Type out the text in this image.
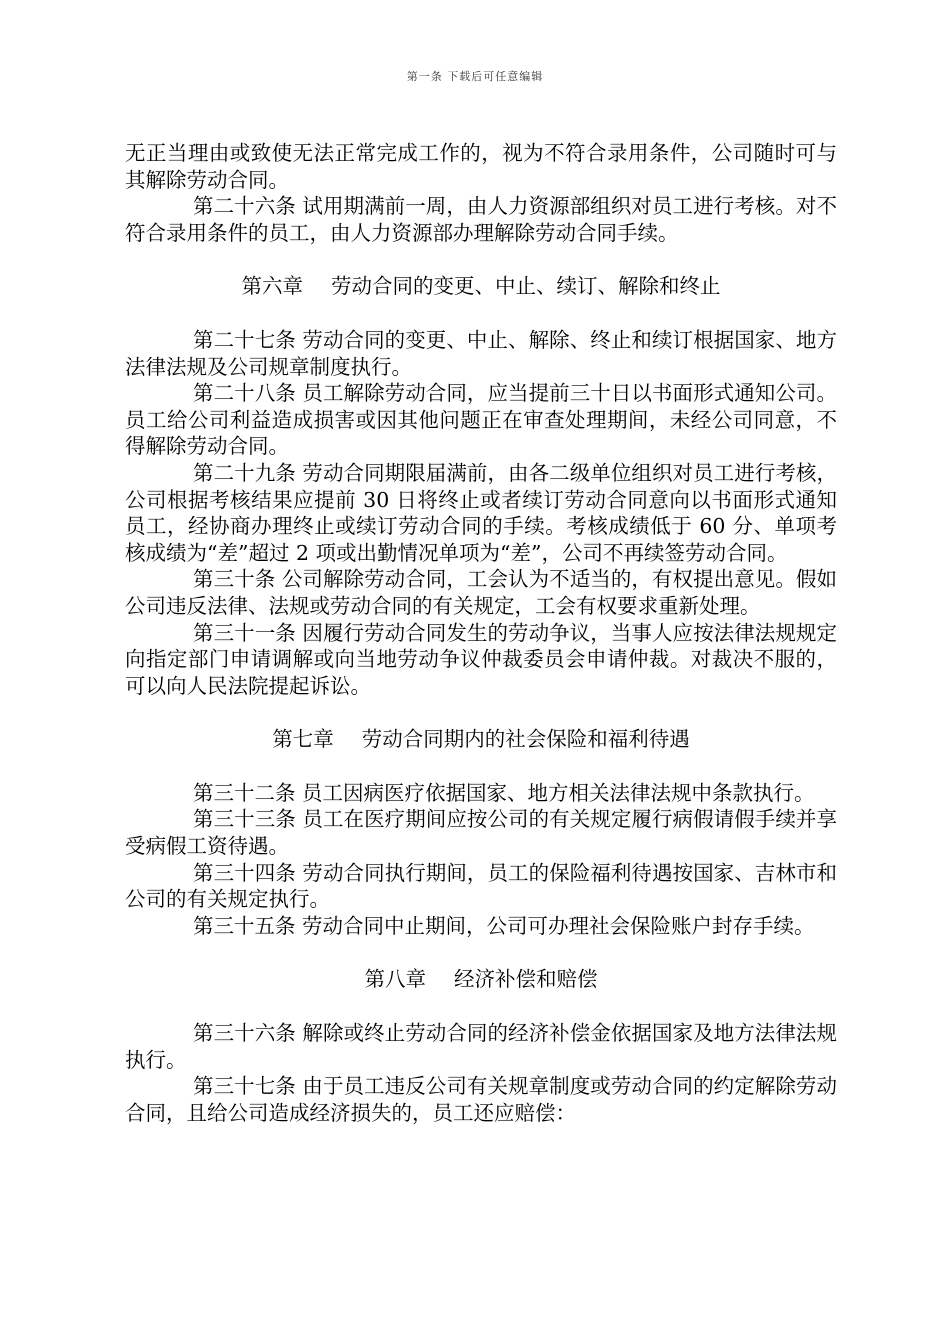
第一条 下载后可任意编辑

无正当理由或致使无法正常完成工作的，视为不符合录用条件，公司随时可与其解除劳动合同。

第二十六条 试用期满前一周，由人力资源部组织对员工进行考核。对不符合录用条件的员工，由人力资源部办理解除劳动合同手续。

第六章 劳动合同的变更、中止、续订、解除和终止

第二十七条 劳动合同的变更、中止、解除、终止和续订根据国家、地方法律法规及公司规章制度执行。

第二十八条 员工解除劳动合同，应当提前三十日以书面形式通知公司。员工给公司利益造成损害或因其他问题正在审查处理期间，未经公司同意，不得解除劳动合同。

第二十九条 劳动合同期限届满前，由各二级单位组织对员工进行考核，公司根据考核结果应提前 30 日将终止或者续订劳动合同意向以书面形式通知员工，经协商办理终止或续订劳动合同的手续。考核成绩低于 60 分、单项考核成绩为“差”超过 2 项或出勤情况单项为“差”，公司不再续签劳动合同。

第三十条 公司解除劳动合同，工会认为不适当的，有权提出意见。假如公司违反法律、法规或劳动合同的有关规定，工会有权要求重新处理。

第三十一条 因履行劳动合同发生的劳动争议，当事人应按法律法规规定向指定部门申请调解或向当地劳动争议仲裁委员会申请仲裁。对裁决不服的，可以向人民法院提起诉讼。

第七章 劳动合同期内的社会保险和福利待遇

第三十二条 员工因病医疗依据国家、地方相关法律法规中条款执行。

第三十三条 员工在医疗期间应按公司的有关规定履行病假请假手续并享受病假工资待遇。

第三十四条 劳动合同执行期间，员工的保险福利待遇按国家、吉林市和公司的有关规定执行。

第三十五条 劳动合同中止期间，公司可办理社会保险账户封存手续。

第八章 经济补偿和赔偿

第三十六条 解除或终止劳动合同的经济补偿金依据国家及地方法律法规执行。

第三十七条 由于员工违反公司有关规章制度或劳动合同的约定解除劳动合同，且给公司造成经济损失的，员工还应赔偿：
